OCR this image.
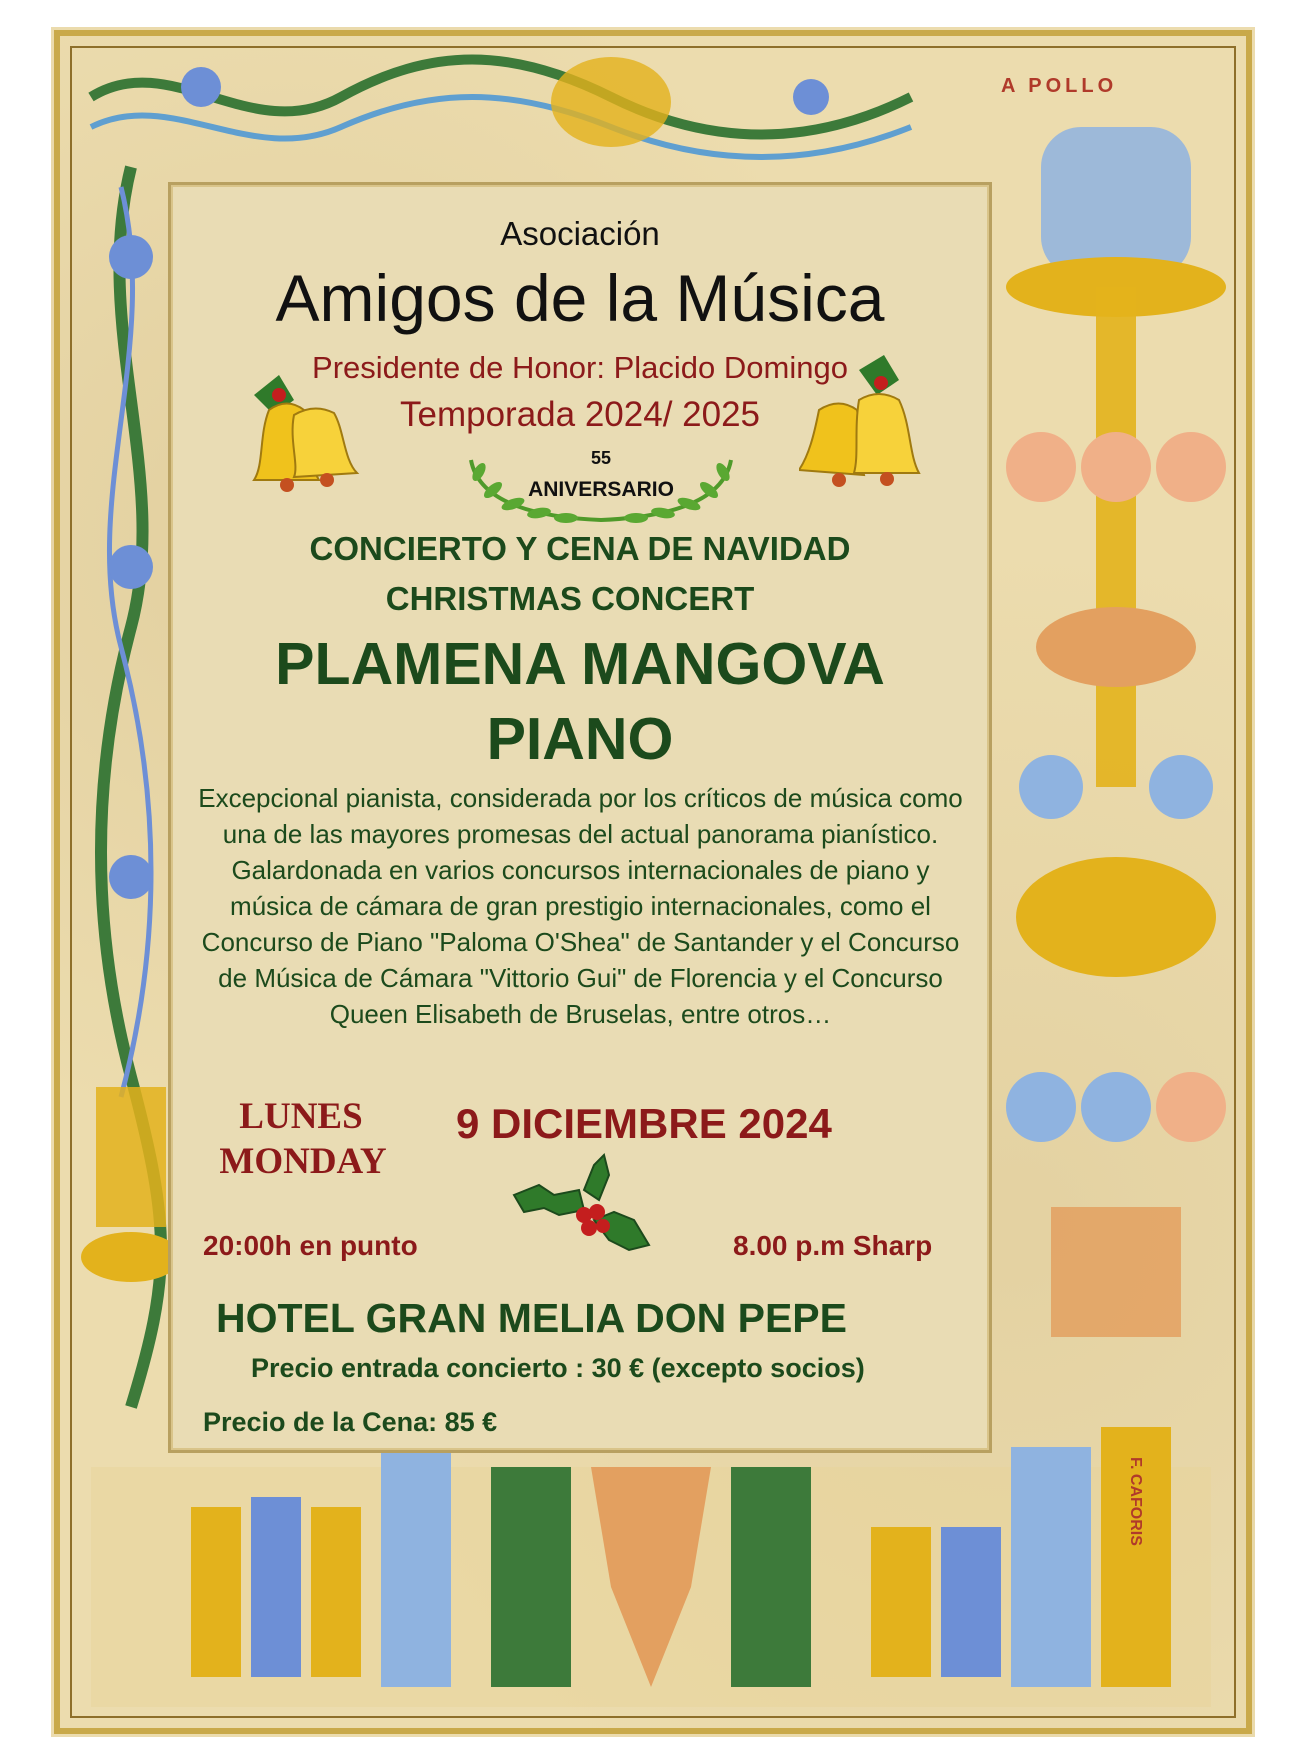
A POLLO
F. CAFORIS

Asociación

Amigos de la Música

Presidente de Honor: Placido Domingo

Temporada 2024/ 2025

55
ANIVERSARIO

CONCIERTO Y CENA DE NAVIDAD

CHRISTMAS CONCERT

PLAMENA MANGOVA

PIANO

Excepcional pianista, considerada por los críticos de música como una de las mayores promesas del actual panorama pianístico. Galardonada en varios concursos internacionales de piano y música de cámara de gran prestigio internacionales, como el Concurso de Piano "Paloma O'Shea" de Santander y el Concurso de Música de Cámara "Vittorio Gui" de Florencia y el Concurso Queen Elisabeth de Bruselas, entre otros…

LUNES
MONDAY
9 DICIEMBRE 2024
20:00h en punto	8.00 p.m Sharp
HOTEL GRAN MELIA DON PEPE
Precio entrada concierto : 30 € (excepto socios)
Precio de la Cena: 85 €
